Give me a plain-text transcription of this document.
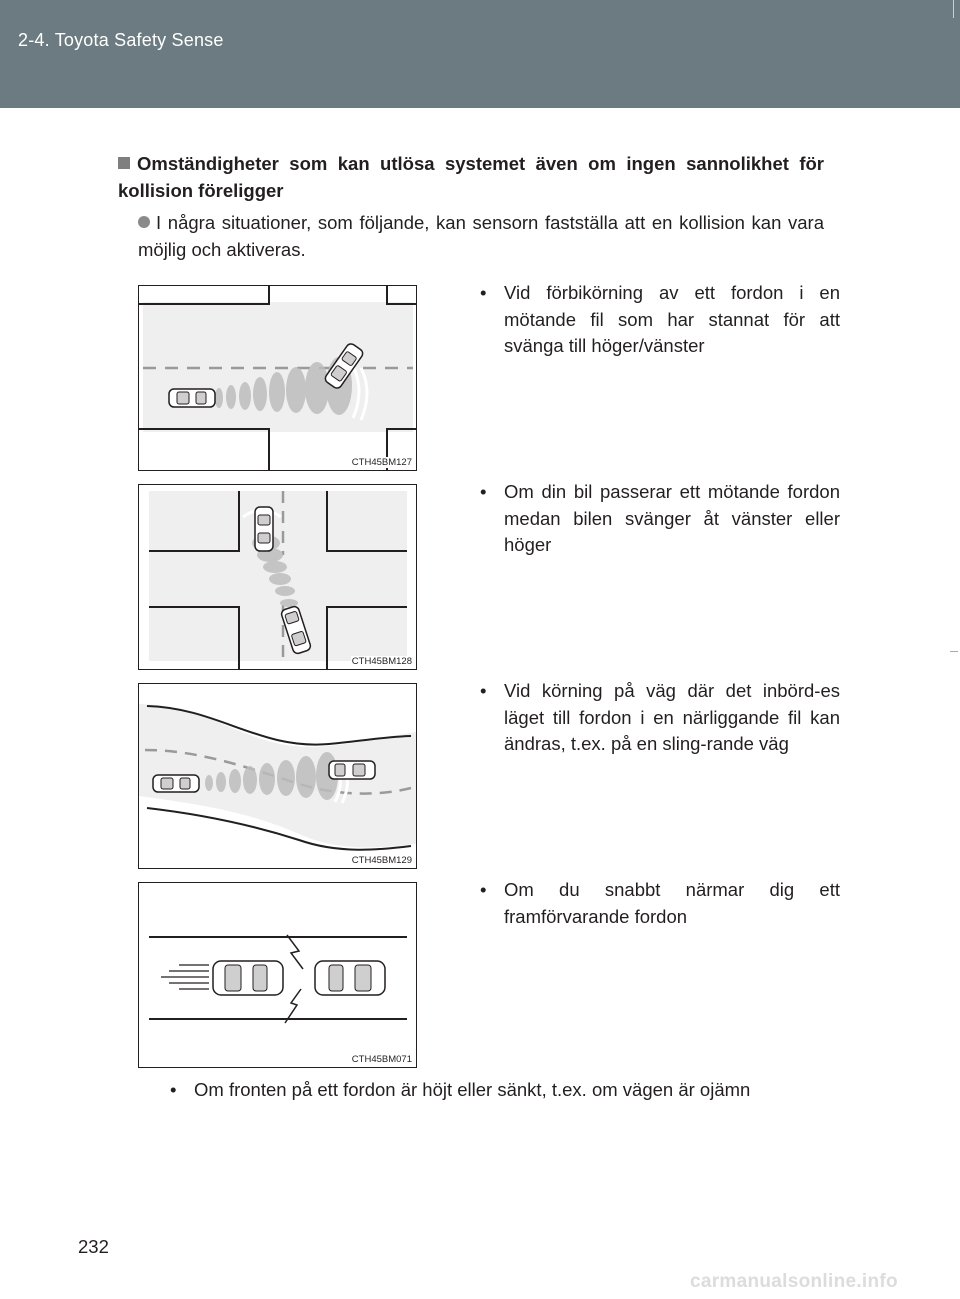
2-4. Toyota Safety Sense
Omständigheter som kan utlösa systemet även om ingen sannolikhet för kollision föreligger
I några situationer, som följande, kan sensorn fastställa att en kollision kan vara möjlig och aktiveras.
CTH45BM127
• Vid förbikörning av ett fordon i en mötande fil som har stannat för att svänga till höger/vänster
CTH45BM128
• Om din bil passerar ett mötande fordon medan bilen svänger åt vänster eller höger
CTH45BM129
• Vid körning på väg där det inbörd-es läget till fordon i en närliggande fil kan ändras, t.ex. på en sling-rande väg
CTH45BM071
• Om du snabbt närmar dig ett framförvarande fordon
• Om fronten på ett fordon är höjt eller sänkt, t.ex. om vägen är ojämn
232
carmanualsonline.info
